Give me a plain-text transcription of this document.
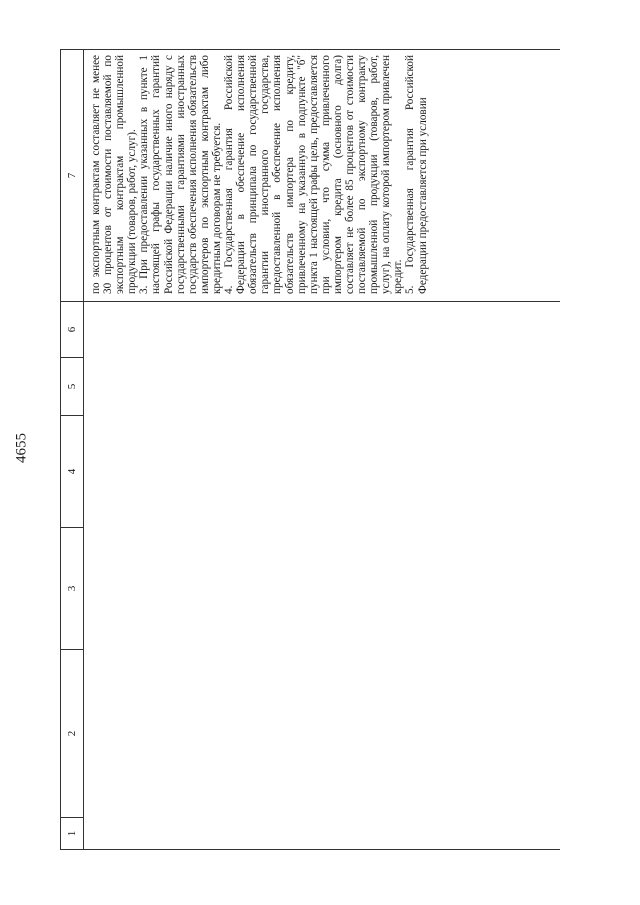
4655
1	2	3	4	5	6	7

						по экспортным контрактам составляет не менее 30 процентов от стоимости поставляемой по экспортным контрактам промышленной продукции (товаров, работ, услуг). 3. При предоставлении указанных в пункте 1 настоящей графы государственных гарантий Российской Федерации наличие иного наряду с государственными гарантиями иностранных государств обеспечения исполнения обязательств импортеров по экспортным контрактам либо кредитным договорам не требуется. 4. Государственная гарантия Российской Федерации в обеспечение исполнения обязательств принципала по государственной гарантии иностранного государства, предоставленной в обеспечение исполнения обязательств импортера по кредиту, привлеченному на указанную в подпункте "б" пункта 1 настоящей графы цель, предоставляется при условии, что сумма привлеченного импортером кредита (основного долга) составляет не более 85 процентов от стоимости поставляемой по экспортному контракту промышленной продукции (товаров, работ, услуг), на оплату которой импортером привлечен кредит. 5. Государственная гарантия Российской Федерации предоставляется при условии
